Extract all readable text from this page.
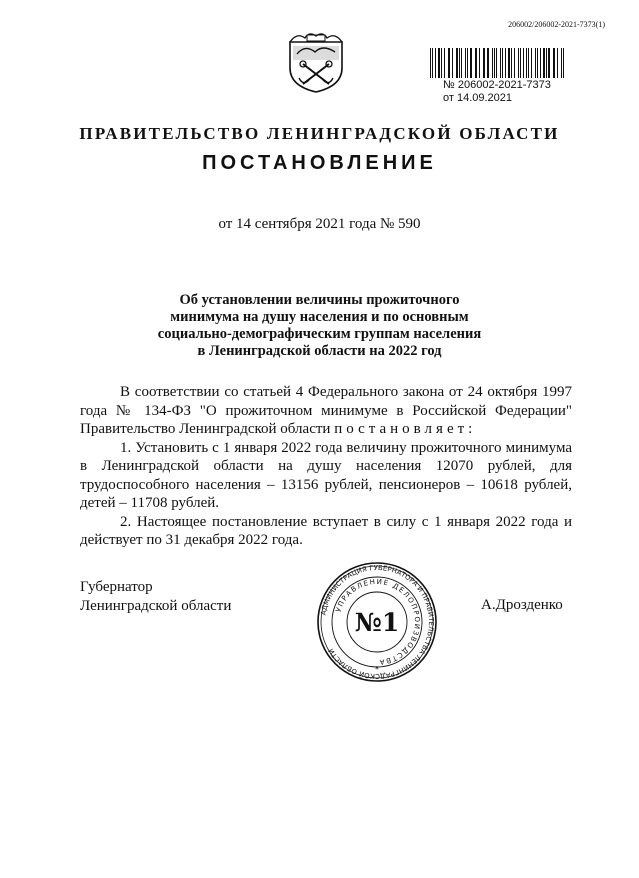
206002/206002-2021-7373(1)
№ 206002-2021-7373
от 14.09.2021
ПРАВИТЕЛЬСТВО ЛЕНИНГРАДСКОЙ ОБЛАСТИ
ПОСТАНОВЛЕНИЕ
от 14 сентября 2021 года № 590
Об установлении величины прожиточного
минимума на душу населения и по основным
социально-демографическим группам населения
в Ленинградской области на 2022 год

В соответствии со статьей 4 Федерального закона от 24 октября 1997 года № 134-ФЗ "О прожиточном минимуме в Российской Федерации" Правительство Ленинградской области постановляет:

1. Установить с 1 января 2022 года величину прожиточного минимума в Ленинградской области на душу населения 12070 рублей, для трудоспособного населения – 13156 рублей, пенсионеров – 10618 рублей, детей – 11708 рублей.

2. Настоящее постановление вступает в силу с 1 января 2022 года и действует по 31 декабря 2022 года.

Губернатор
Ленинградской области	А.Дрозденко
АДМИНИСТРАЦИЯ ГУБЕРНАТОРА И ПРАВИТЕЛЬСТВА ЛЕНИНГРАДСКОЙ ОБЛАСТИ
УПРАВЛЕНИЕ ДЕЛОПРОИЗВОДСТВА
№1
*
